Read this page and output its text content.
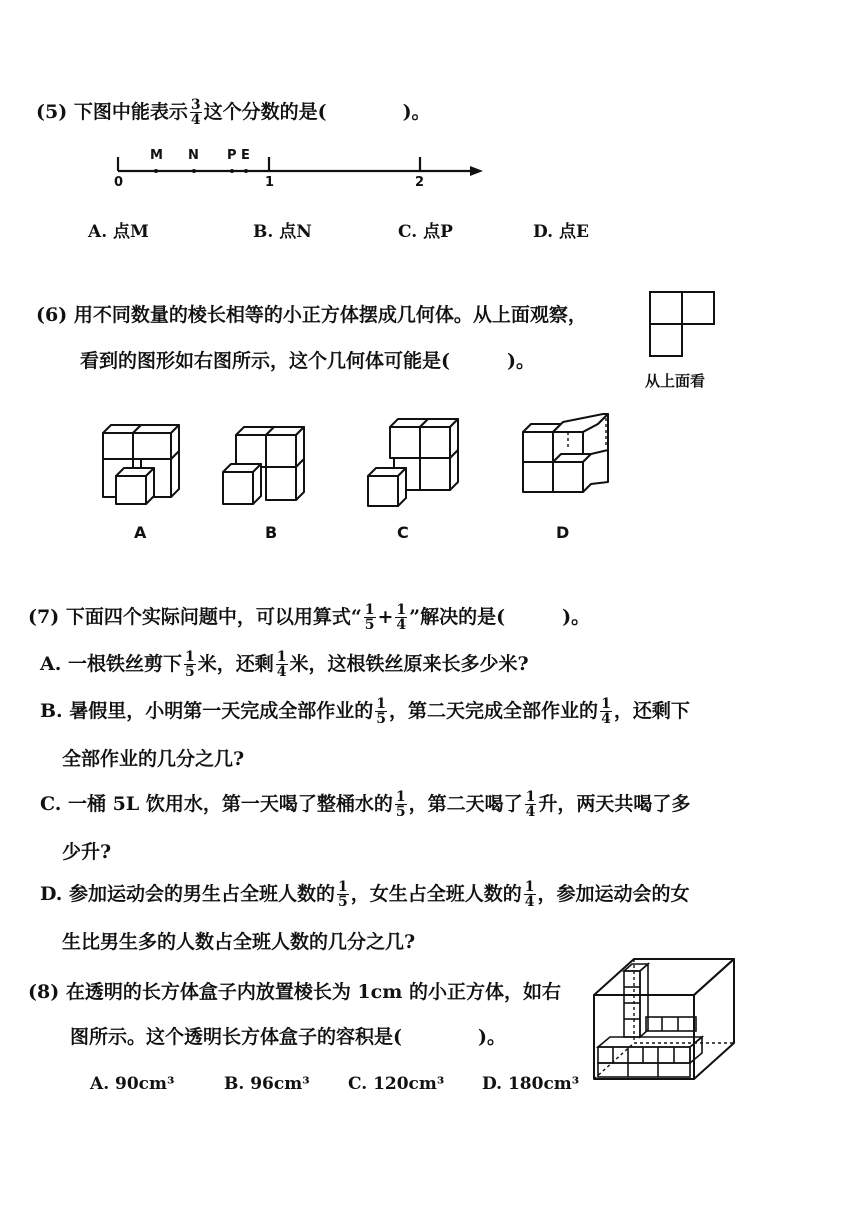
(5) 下图中能表示 $\frac{3}{4}$ 这个分数的是(　　　　)。
M N P E
0	1	2
A. 点M	B. 点N	C. 点P	D. 点E
(6) 用不同数量的棱长相等的小正方体摆成几何体。从上面观察，
看到的图形如右图所示，这个几何体可能是(　　　)。
从上面看
A	B	C	D
(7) 下面四个实际问题中，可以用算式“ $\frac{1}{5} + \frac{1}{4}$ ”解决的是(　　　)。
A. 一根铁丝剪下 $\frac{1}{5}$ 米，还剩 $\frac{1}{4}$ 米，这根铁丝原来长多少米?
B. 暑假里，小明第一天完成全部作业的 $\frac{1}{5}$ ，第二天完成全部作业的 $\frac{1}{4}$ ，还剩下
全部作业的几分之几?
C. 一桶 5L 饮用水，第一天喝了整桶水的 $\frac{1}{5}$ ，第二天喝了 $\frac{1}{4}$ 升，两天共喝了多
少升?
D. 参加运动会的男生占全班人数的 $\frac{1}{5}$ ，女生占全班人数的 $\frac{1}{4}$ ，参加运动会的女
生比男生多的人数占全班人数的几分之几?
(8) 在透明的长方体盒子内放置棱长为 1cm 的小正方体，如右
图所示。这个透明长方体盒子的容积是(　　　　)。
A. 90cm³	B. 96cm³ C. 120cm³ D. 180cm³
